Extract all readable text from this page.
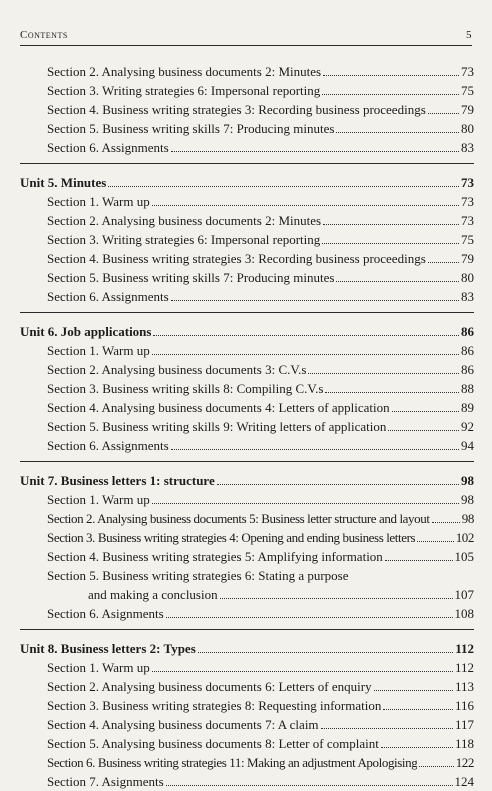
Contents	5
Section 2. Analysing business documents 2: Minutes	73
Section 3. Writing strategies 6: Impersonal reporting	75
Section 4. Business writing strategies 3: Recording business proceedings	79
Section 5. Business writing skills 7: Producing minutes	80
Section 6. Assignments	83
Unit 5. Minutes	73
Section 1. Warm up	73
Section 2. Analysing business documents 2: Minutes	73
Section 3. Writing strategies 6: Impersonal reporting	75
Section 4. Business writing strategies 3: Recording business proceedings	79
Section 5. Business writing skills 7: Producing minutes	80
Section 6. Assignments	83
Unit 6. Job applications	86
Section 1. Warm up	86
Section 2. Analysing business documents 3: C.V.s	86
Section 3. Business writing skills 8: Compiling C.V.s	88
Section 4. Analysing business documents 4: Letters of application	89
Section 5. Business writing skills 9: Writing letters of application	92
Section 6. Assignments	94
Unit 7. Business letters 1: structure	98
Section 1. Warm up	98
Section 2. Analysing business documents 5: Business letter structure and layout 98
Section 3. Business writing strategies 4: Opening and ending business letters	102
Section 4. Business writing strategies 5: Amplifying information	105
Section 5. Business writing strategies 6: Stating a purpose
and making a conclusion	107
Section 6. Asignments	108
Unit 8. Business letters 2: Types	112
Section 1. Warm up	112
Section 2. Analysing business documents 6: Letters of enquiry	113
Section 3. Business writing strategies 8: Requesting information	116
Section 4. Analysing business documents 7: A claim	117
Section 5. Analysing business documents 8: Letter of complaint	118
Section 6. Business writing strategies 11: Making an adjustment Apologising	122
Section 7. Asignments	124
